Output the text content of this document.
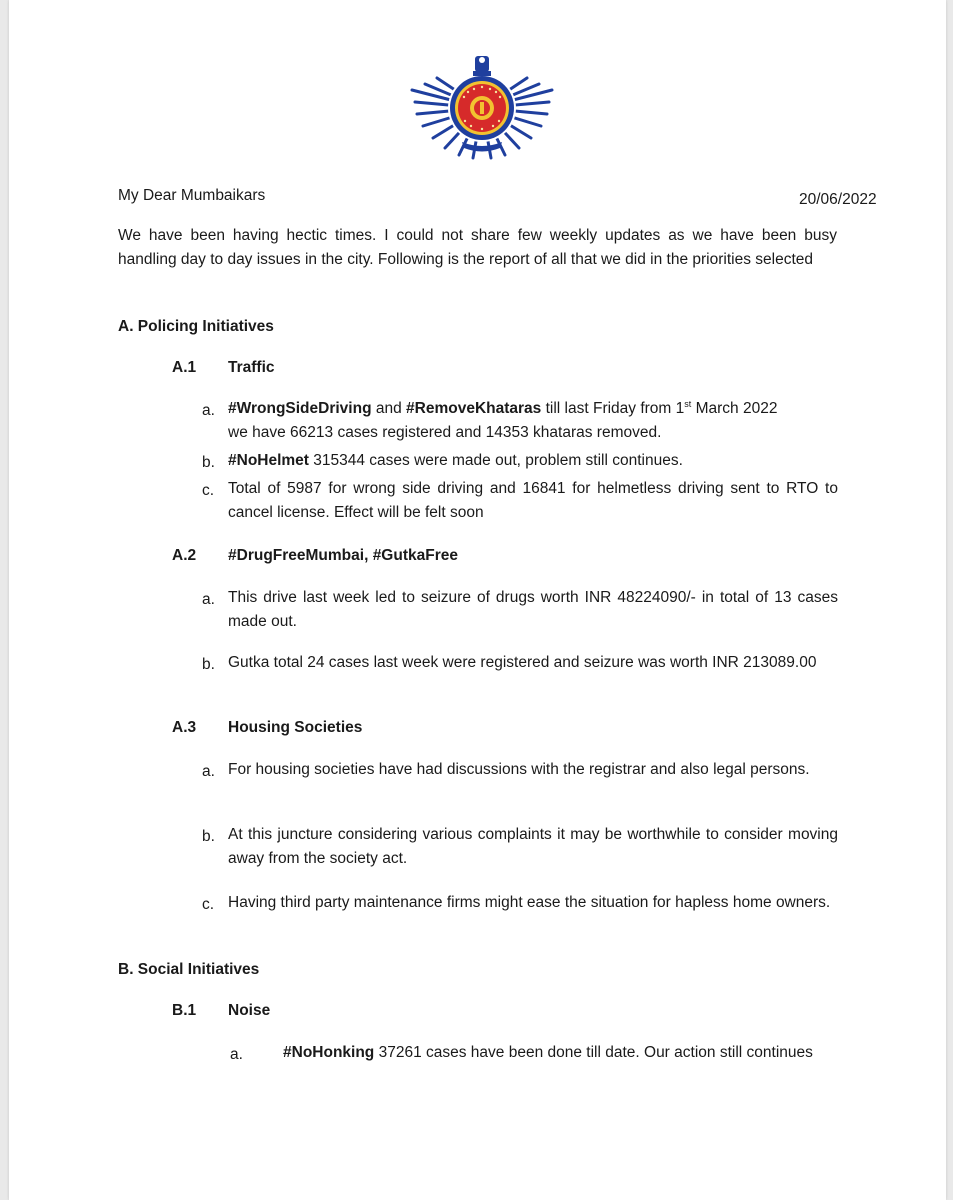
My Dear Mumbaikars	20/06/2022
We have been having hectic times. I could not share few weekly updates as we have been busy handling day to day issues in the city. Following is the report of all that we did in the priorities selected
A. Policing Initiatives
A.1 Traffic
a. #WrongSideDriving and #RemoveKhataras till last Friday from 1st March 2022
we have 66213 cases registered and 14353 khataras removed.
b. #NoHelmet 315344 cases were made out, problem still continues.
c. Total of 5987 for wrong side driving and 16841 for helmetless driving sent to RTO to cancel license. Effect will be felt soon
A.2 #DrugFreeMumbai, #GutkaFree
a. This drive last week led to seizure of drugs worth INR 48224090/- in total of 13 cases made out.
b. Gutka total 24 cases last week were registered and seizure was worth INR 213089.00
A.3 Housing Societies
a. For housing societies have had discussions with the registrar and also legal persons.
b. At this juncture considering various complaints it may be worthwhile to consider moving away from the society act.
c. Having third party maintenance firms might ease the situation for hapless home owners.
B. Social Initiatives
B.1 Noise
a.	#NoHonking 37261 cases have been done till date. Our action still continues
